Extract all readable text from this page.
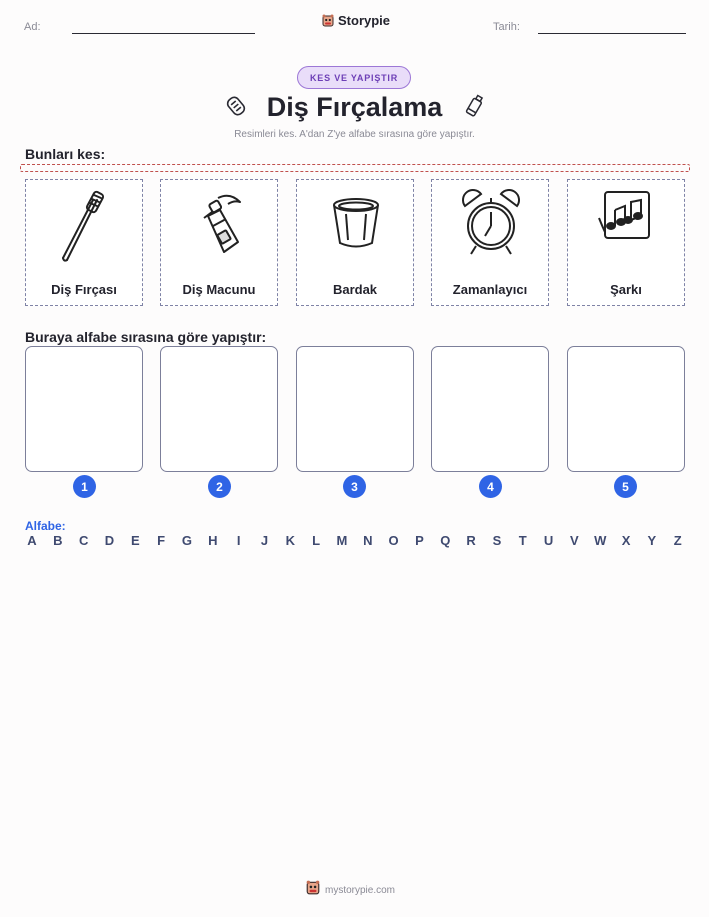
Ad:	Storypie	Tarih:
KES VE YAPIŞTIR
Diş Fırçalama
Resimleri kes. A'dan Z'ye alfabe sırasına göre yapıştır.
Bunları kes:
Diş Fırçası	Diş Macunu	Bardak	Zamanlayıcı	Şarkı
Buraya alfabe sırasına göre yapıştır:
1	2	3	4	5
Alfabe:
A B C D E F G H	I	J K L M N O P Q R S T U V W X Y Z
mystorypie.com
